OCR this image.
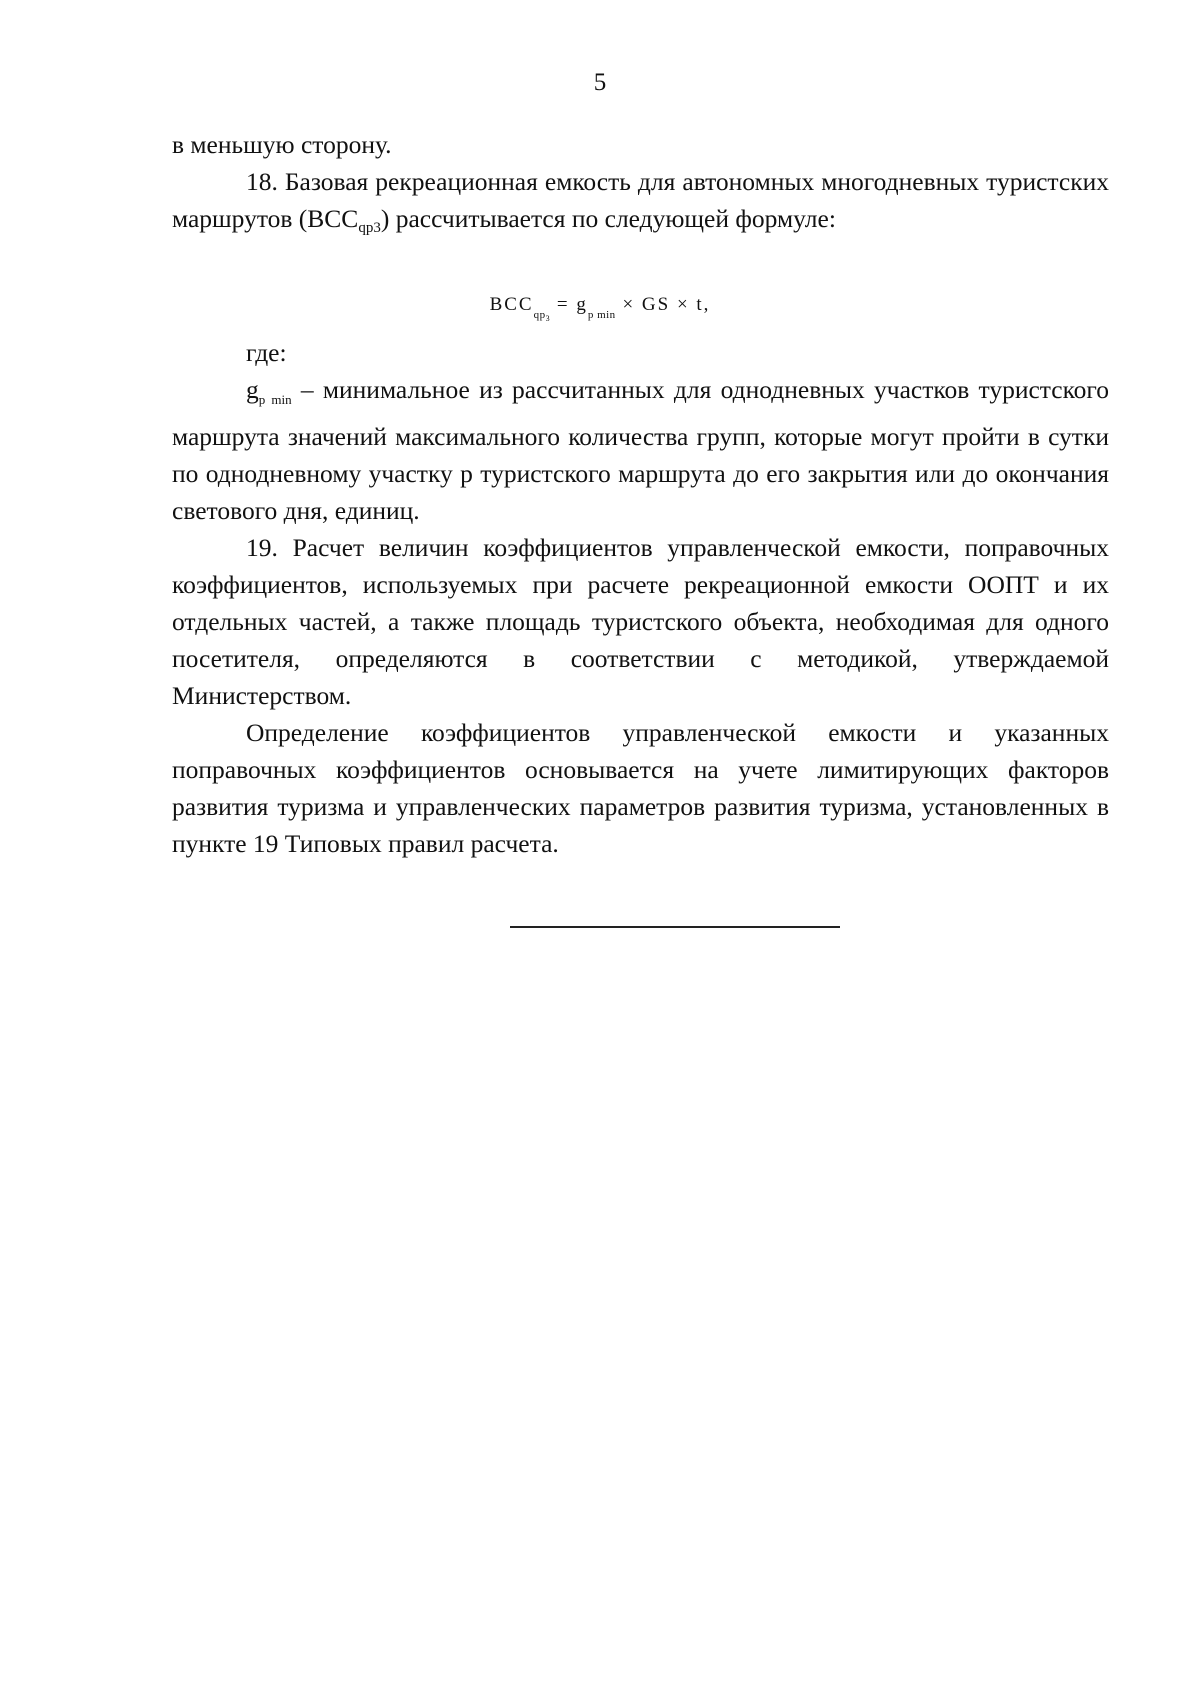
5

в меньшую сторону.

18. Базовая рекреационная емкость для автономных многодневных туристских маршрутов (BCCqp3) рассчитывается по следующей формуле:

$BCC_{qp_3} = g_{p min}$ × GS × t,

где:

$g_{p min}$ – минимальное из рассчитанных для однодневных участков туристского маршрута значений максимального количества групп, которые могут пройти в сутки по однодневному участку p туристского маршрута до его закрытия или до окончания светового дня, единиц.

19. Расчет величин коэффициентов управленческой емкости, поправочных коэффициентов, используемых при расчете рекреационной емкости ООПТ и их отдельных частей, а также площадь туристского объекта, необходимая для одного посетителя, определяются в соответствии с методикой, утверждаемой Министерством.

Определение коэффициентов управленческой емкости и указанных поправочных коэффициентов основывается на учете лимитирующих факторов развития туризма и управленческих параметров развития туризма, установленных в пункте 19 Типовых правил расчета.
